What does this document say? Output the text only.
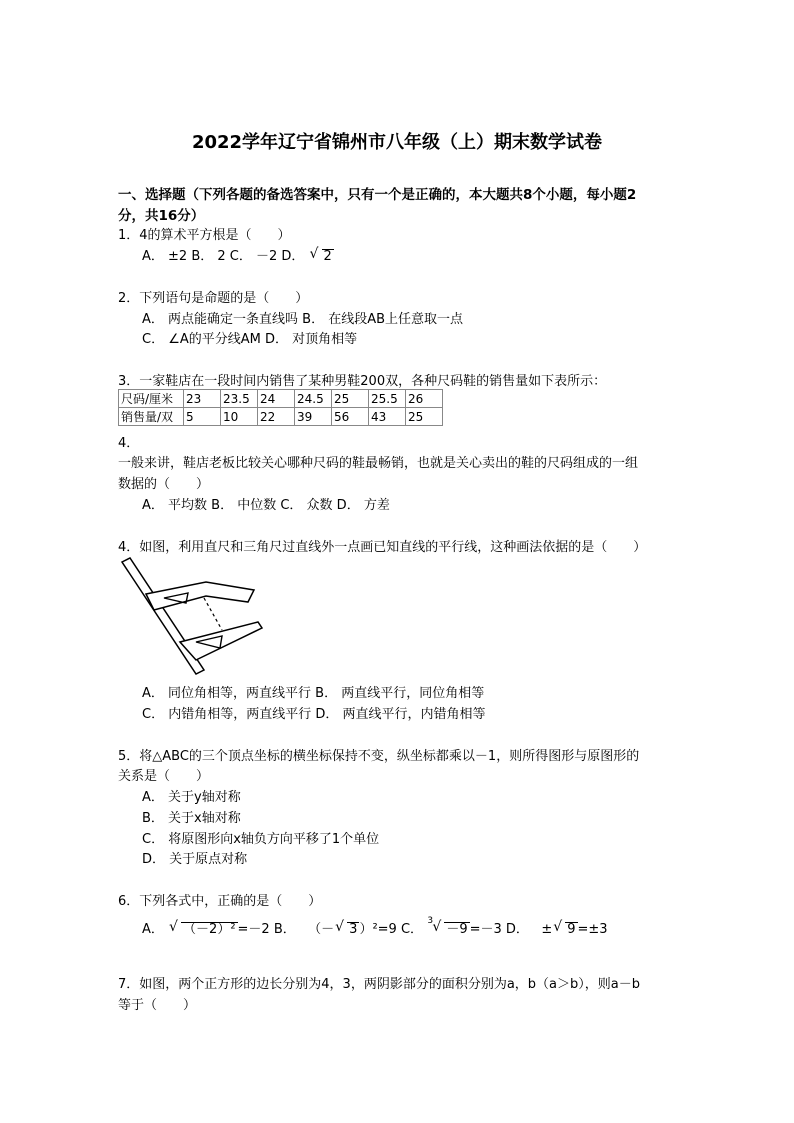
2022学年辽宁省锦州市八年级（上）期末数学试卷
一、选择题（下列各题的备选答案中，只有一个是正确的，本大题共8个小题，每小题2
分，共16分）
1．4的算术平方根是（　　）
A． ±2 B． 2 C． －2 D． √ 2
2．下列语句是命题的是（　　）
A． 两点能确定一条直线吗 B． 在线段AB上任意取一点
C． ∠A的平分线AM D． 对顶角相等
3．一家鞋店在一段时间内销售了某种男鞋200双，各种尺码鞋的销售量如下表所示：
尺码/厘米	23	23.5	24	24.5	25	25.5	26
销售量/双	5	10	22	39	56	43	25
4．
一般来讲，鞋店老板比较关心哪种尺码的鞋最畅销，也就是关心卖出的鞋的尺码组成的一组
数据的（　　）
A． 平均数 B． 中位数 C． 众数 D． 方差
4．如图，利用直尺和三角尺过直线外一点画已知直线的平行线，这种画法依据的是（　　）
A． 同位角相等，两直线平行 B． 两直线平行，同位角相等
C． 内错角相等，两直线平行 D． 两直线平行，内错角相等
5．将△ABC的三个顶点坐标的横坐标保持不变，纵坐标都乘以－1，则所得图形与原图形的
关系是（　　）
A． 关于y轴对称
B． 关于x轴对称
C． 将原图形向x轴负方向平移了1个单位
D． 关于原点对称
6．下列各式中，正确的是（　　）
A． √ （－2）² =－2 B． （－ √ 3 ）²=9 C．
√ 3
－9 =－3 D． ± √ 9 =±3
7．如图，两个正方形的边长分别为4，3，两阴影部分的面积分别为a，b（a＞b），则a－b
等于（　　）
